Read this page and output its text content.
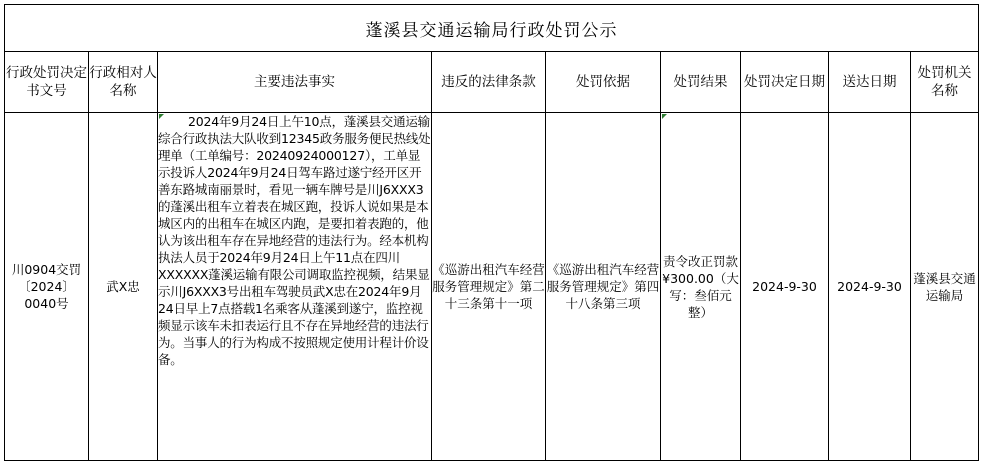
蓬溪县交通运输局行政处罚公示								
行政处罚决定书文号	行政相对人名称	主要违法事实	违反的法律条款	处罚依据	处罚结果	处罚决定日期	送达日期	处罚机关名称
川0904交罚〔2024〕0040号	武X忠	2024年9月24日上午10点，蓬溪县交通运输综合行政执法大队收到12345政务服务便民热线处理单（工单编号：20240924000127），工单显示投诉人2024年9月24日驾车路过遂宁经开区开善东路城南丽景时，看见一辆车牌号是川J6XXX3的蓬溪出租车立着表在城区跑，投诉人说如果是本城区内的出租车在城区内跑，是要扣着表跑的，他认为该出租车存在异地经营的违法行为。经本机构执法人员于2024年9月24日上午11点在四川XXXXXX蓬溪运输有限公司调取监控视频，结果显示川J6XXX3号出租车驾驶员武X忠在2024年9月24日早上7点搭载1名乘客从蓬溪到遂宁，监控视频显示该车未扣表运行且不存在异地经营的违法行为。当事人的行为构成不按照规定使用计程计价设备。	《巡游出租汽车经营服务管理规定》第二十三条第十一项	《巡游出租汽车经营服务管理规定》第四十八条第三项	责令改正罚款¥300.00（大写：叁佰元整）	2024-9-30	2024-9-30	蓬溪县交通运输局
